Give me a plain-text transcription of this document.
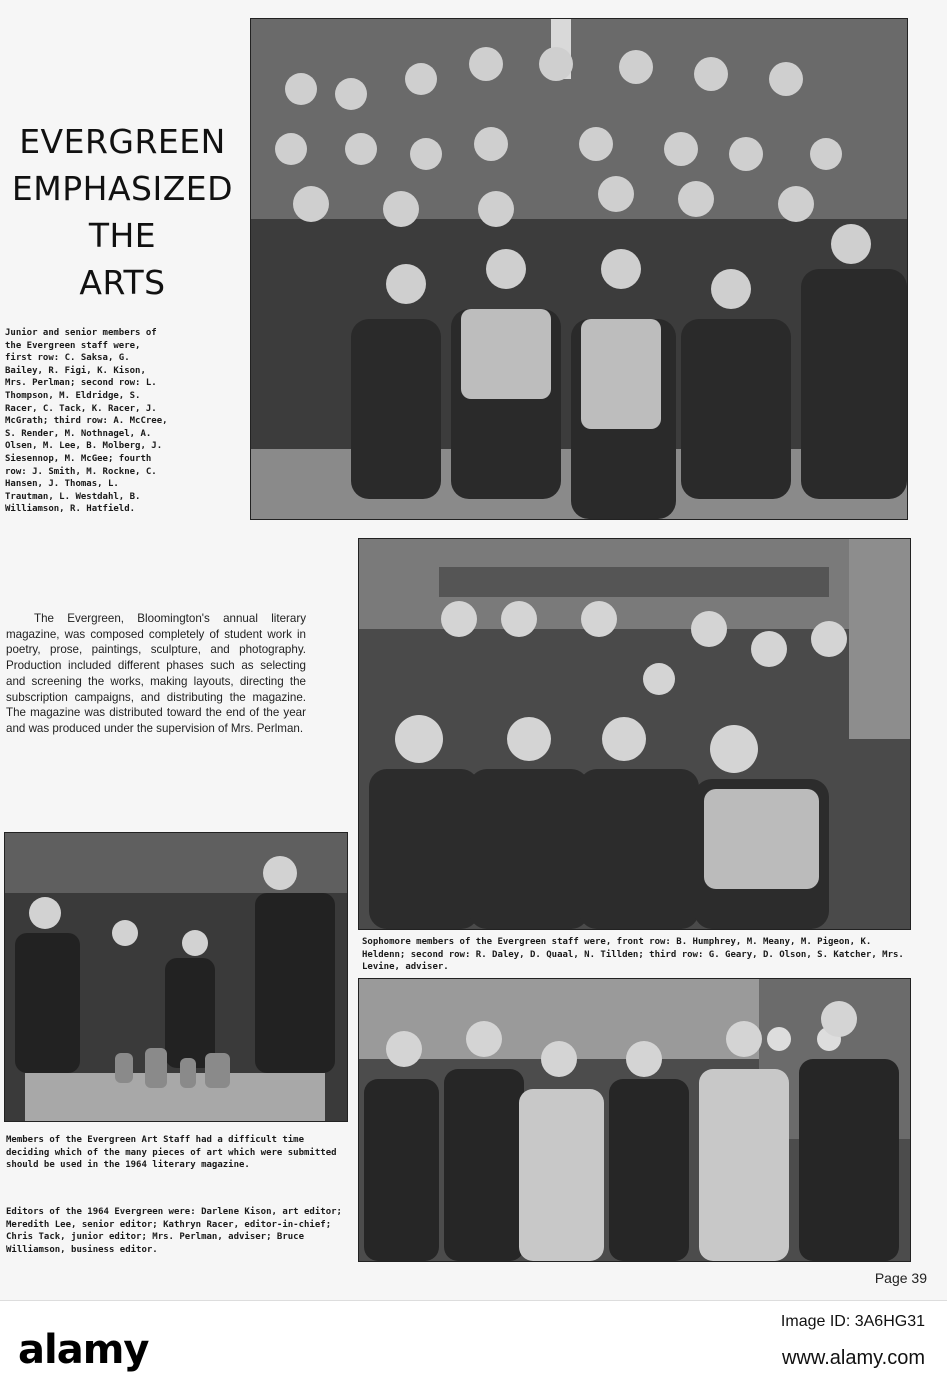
EVERGREEN
EMPHASIZED
THE
ARTS
Junior and senior members of the Evergreen staff were, first row: C. Saksa, G. Bailey, R. Figi, K. Kison, Mrs. Perlman; second row: L. Thompson, M. Eldridge, S. Racer, C. Tack, K. Racer, J. McGrath; third row: A. McCree, S. Render, M. Nothnagel, A. Olsen, M. Lee, B. Molberg, J. Siesennop, M. McGee; fourth row: J. Smith, M. Rockne, C. Hansen, J. Thomas, L. Trautman, L. Westdahl, B. Williamson, R. Hatfield.
The Evergreen, Bloomington's annual literary magazine, was composed completely of student work in poetry, prose, paintings, sculpture, and photography. Production included different phases such as selecting and screening the works, making layouts, directing the subscription campaigns, and distributing the magazine. The magazine was distributed toward the end of the year and was produced under the supervision of Mrs. Perlman.
Sophomore members of the Evergreen staff were, front row: B. Humphrey, M. Meany, M. Pigeon, K. Heldenn; second row: R. Daley, D. Quaal, N. Tillden; third row: G. Geary, D. Olson, S. Katcher, Mrs. Levine, adviser.
Members of the Evergreen Art Staff had a difficult time deciding which of the many pieces of art which were submitted should be used in the 1964 literary magazine.
Editors of the 1964 Evergreen were: Darlene Kison, art editor; Meredith Lee, senior editor; Kathryn Racer, editor-in-chief; Chris Tack, junior editor; Mrs. Perlman, adviser; Bruce Williamson, business editor.
Page 39
alamy
Image ID: 3A6HG31
www.alamy.com
